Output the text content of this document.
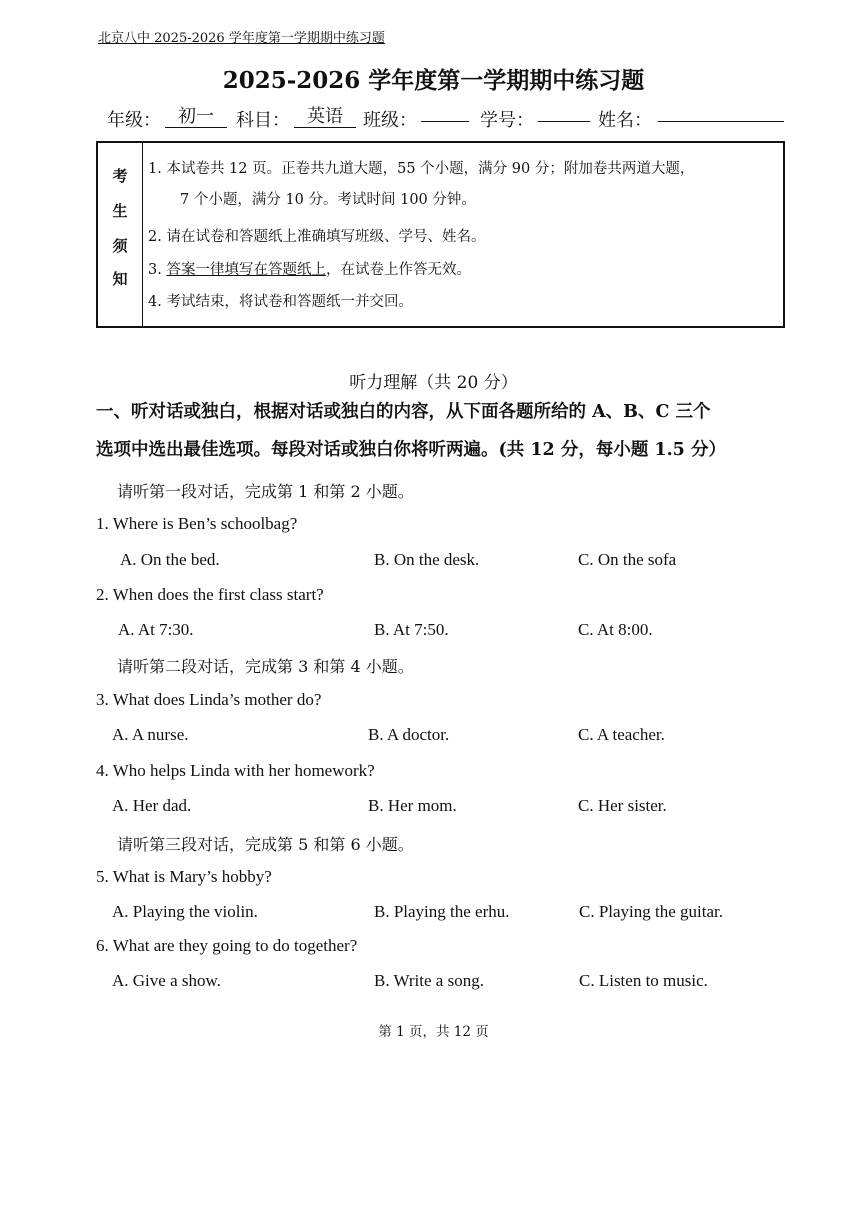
北京八中 2025-2026 学年度第一学期期中练习题
2025-2026 学年度第一学期期中练习题
年级： 初一	科目： 英语	班级：	学号：	姓名：
考
生
须
知
1. 本试卷共 12 页。正卷共九道大题，55 个小题，满分 90 分；附加卷共两道大题，
7 个小题，满分 10 分。考试时间 100 分钟。
2. 请在试卷和答题纸上准确填写班级、学号、姓名。
3. 答案一律填写在答题纸上，在试卷上作答无效。
4. 考试结束，将试卷和答题纸一并交回。
听力理解（共 20 分）
一、听对话或独白，根据对话或独白的内容，从下面各题所给的 A、B、C 三个
选项中选出最佳选项。每段对话或独白你将听两遍。(共 12 分，每小题 1.5 分）
请听第一段对话，完成第 1 和第 2 小题。
1. Where is Ben’s schoolbag?
A. On the bed.	B. On the desk.	C. On the sofa
2. When does the first class start?
A. At 7:30.	B. At 7:50.	C. At 8:00.
请听第二段对话，完成第 3 和第 4 小题。
3. What does Linda’s mother do?
A. A nurse.	B. A doctor.	C. A teacher.
4. Who helps Linda with her homework?
A. Her dad.	B. Her mom.	C. Her sister.
请听第三段对话，完成第 5 和第 6 小题。
5. What is Mary’s hobby?
A. Playing the violin.	B. Playing the erhu.	C. Playing the guitar.
6. What are they going to do together?
A. Give a show.	B. Write a song.	C. Listen to music.
第 1 页，共 12 页
